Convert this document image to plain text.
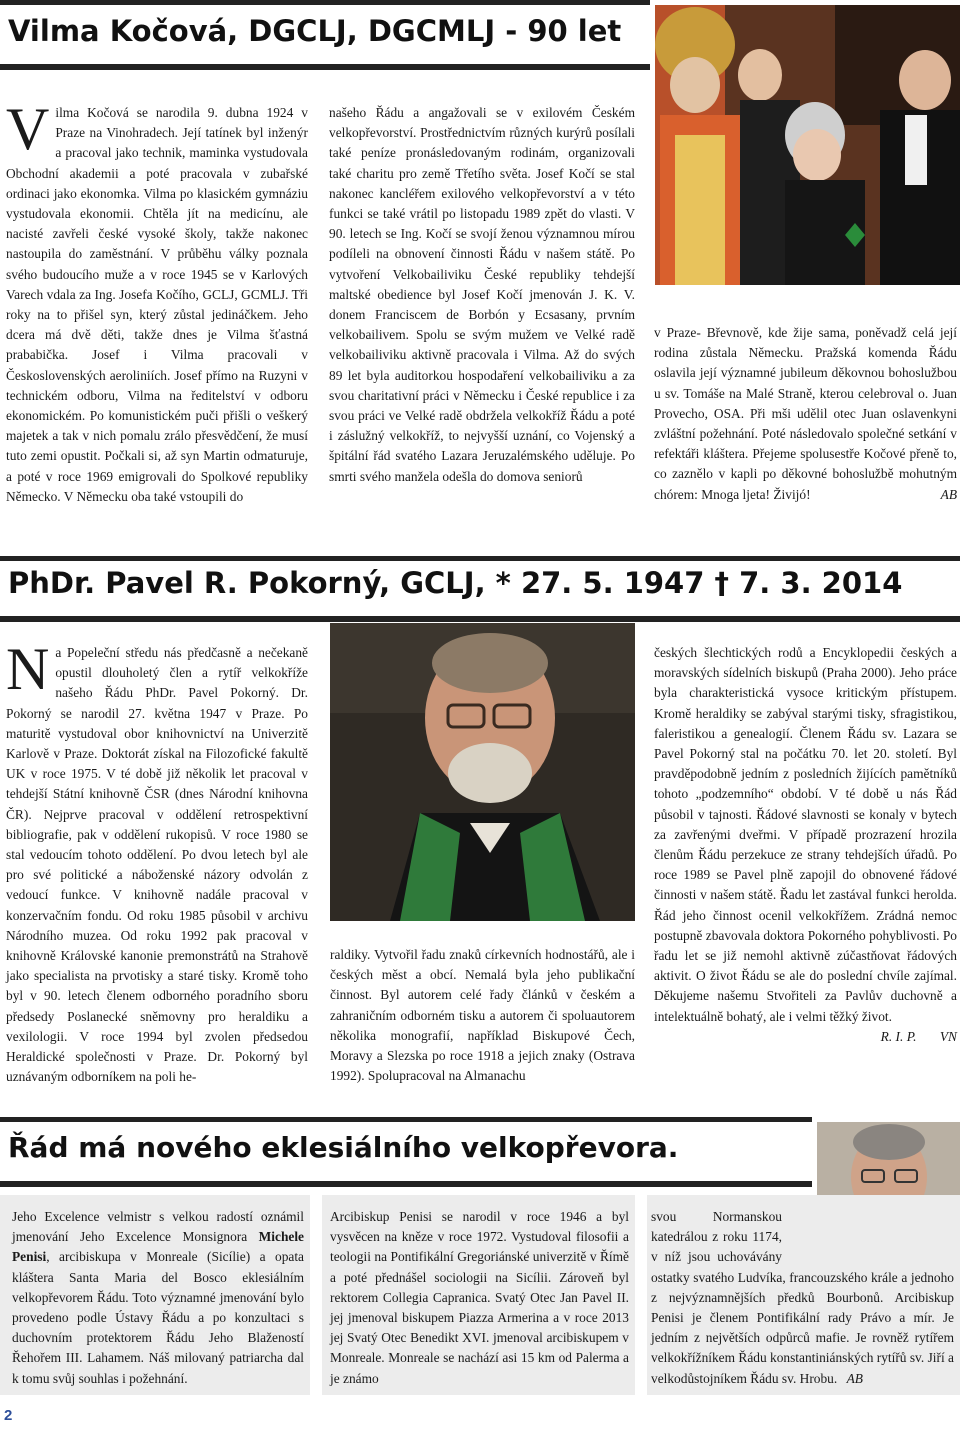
Vilma Kočová, DGCLJ, DGCMLJ - 90 let
Vilma Kočová se narodila 9. dubna 1924 v Praze na Vinohradech. Její tatínek byl inženýr a pracoval jako technik, maminka vystudovala Obchodní akademii a poté pracovala v zubařské ordinaci jako ekonomka. Vilma po klasickém gymnáziu vystudovala ekonomii. Chtěla jít na medicínu, ale nacisté zavřeli české vysoké školy, takže nakonec nastoupila do zaměstnání. V průběhu války poznala svého budoucího muže a v roce 1945 se v Karlových Varech vdala za Ing. Josefa Kočího, GCLJ, GCMLJ. Tři roky na to přišel syn, který zůstal jedináčkem. Jeho dcera má dvě děti, takže dnes je Vilma šťastná prababička. Josef i Vilma pracovali v Československých aeroliniích. Josef přímo na Ruzyni v technickém odboru, Vilma na ředitelství v odboru ekonomickém. Po komunistickém puči přišli o veškerý majetek a tak v nich pomalu zrálo přesvědčení, že musí tuto zemi opustit. Počkali si, až syn Martin odmaturuje, a poté v roce 1969 emigrovali do Spolkové republiky Německo. V Německu oba také vstoupili do
našeho Řádu a angažovali se v exilovém Českém velkopřevorství. Prostřednictvím různých kurýrů posílali také peníze pronásledovaným rodinám, organizovali také charitu pro země Třetího světa. Josef Kočí se stal nakonec kancléřem exilového velkopřevorství a v této funkci se také vrátil po listopadu 1989 zpět do vlasti. V 90. letech se Ing. Kočí se svojí ženou významnou mírou podíleli na obnovení činnosti Řádu v našem státě. Po vytvoření Velkobailiviku České republiky tehdejší maltské obedience byl Josef Kočí jmenován J. K. V. donem Franciscem de Borbón y Ecsasany, prvním velkobailivem. Spolu se svým mužem ve Velké radě velkobailiviku aktivně pracovala i Vilma. Až do svých 89 let byla auditorkou hospodaření velkobailiviku a za svou charitativní práci v Německu i České republice i za svou práci ve Velké radě obdržela velkokříž Řádu a poté i záslužný velkokříž, to nejvyšší uznání, co Vojenský a špitální řád svatého Lazara Jeruzalémského uděluje. Po smrti svého manžela odešla do domova seniorů
v Praze- Břevnově, kde žije sama, poněvadž celá její rodina zůstala Německu. Pražská komenda Řádu oslavila její významné jubileum děkovnou bohoslužbou u sv. Tomáše na Malé Straně, kterou celebroval o. Juan Provecho, OSA. Při mši udělil otec Juan oslavenkyni zvláštní požehnání. Poté následovalo společné setkání v refektáři kláštera. Přejeme spolusestře Kočové přeně to, co zaznělo v kapli po děkovné bohoslužbě mohutným chórem: Mnoga ljeta! Živijó!	AB
PhDr. Pavel R. Pokorný, GCLJ, * 27. 5. 1947 † 7. 3. 2014
Na Popeleční středu nás předčasně a nečekaně opustil dlouholetý člen a rytíř velkokříže našeho Řádu PhDr. Pavel Pokorný. Dr. Pokorný se narodil 27. května 1947 v Praze. Po maturitě vystudoval obor knihovnictví na Univerzitě Karlově v Praze. Doktorát získal na Filozofické fakultě UK v roce 1975. V té době již několik let pracoval v tehdejší Státní knihovně ČSR (dnes Národní knihovna ČR). Nejprve pracoval v oddělení retrospektivní bibliografie, pak v oddělení rukopisů. V roce 1980 se stal vedoucím tohoto oddělení. Po dvou letech byl ale pro své politické a náboženské názory odvolán z vedoucí funkce. V knihovně nadále pracoval v konzervačním fondu. Od roku 1985 působil v archivu Národního muzea. Od roku 1992 pak pracoval v knihovně Královské kanonie premonstrátů na Strahově jako specialista na prvotisky a staré tisky. Kromě toho byl v 90. letech členem odborného poradního sboru předsedy Poslanecké sněmovny pro heraldiku a vexilologii. V roce 1994 byl zvolen předsedou Heraldické společnosti v Praze. Dr. Pokorný byl uznávaným odborníkem na poli he-
raldiky. Vytvořil řadu znaků církevních hodnostářů, ale i českých měst a obcí. Nemalá byla jeho publikační činnost. Byl autorem celé řady článků v českém a zahraničním odborném tisku a autorem či spoluautorem několika monografií, například Biskupové Čech, Moravy a Slezska po roce 1918 a jejich znaky (Ostrava 1992). Spolupracoval na Almanachu
českých šlechtických rodů a Encyklopedii českých a moravských sídelních biskupů (Praha 2000). Jeho práce byla charakteristická vysoce kritickým přístupem. Kromě heraldiky se zabýval starými tisky, sfragistikou, faleristikou a genealogií. Členem Řádu sv. Lazara se Pavel Pokorný stal na počátku 70. let 20. století. Byl pravděpodobně jedním z posledních žijících pamětníků tohoto „podzemního“ období. V té době u nás Řád působil v tajnosti. Řádové slavnosti se konaly v bytech za zavřenými dveřmi. V případě prozrazení hrozila členům Řádu perzekuce ze strany tehdejších úřadů. Po roce 1989 se Pavel plně zapojil do obnovené řádové činnosti v našem státě. Řadu let zastával funkci herolda. Řád jeho činnost ocenil velkokřížem. Zrádná nemoc postupně zbavovala doktora Pokorného pohyblivosti. Po řadu let se již nemohl aktivně zúčastňovat řádových aktivit. O život Řádu se ale do poslední chvíle zajímal. Děkujeme našemu Stvořiteli za Pavlův duchovně a intelektuálně bohatý, ale i velmi těžký život.
R. I. P. VN
Řád má nového eklesiálního velkopřevora.
Jeho Excelence velmistr s velkou radostí oznámil jmenování Jeho Excelence Monsignora Michele Penisi, arcibiskupa v Monreale (Sicílie) a opata kláštera Santa Maria del Bosco eklesiálním velkopřevorem Řádu. Toto významné jmenování bylo provedeno podle Ústavy Řádu a po konzultaci s duchovním protektorem Řádu Jeho Blažeností Řehořem III. Lahamem. Náš milovaný patriarcha dal k tomu svůj souhlas i požehnání.
Arcibiskup Penisi se narodil v roce 1946 a byl vysvěcen na kněze v roce 1972. Vystudoval filosofii a teologii na Pontifikální Gregoriánské univerzitě v Římě a poté přednášel sociologii na Sicílii. Zároveň byl rektorem Collegia Capranica. Svatý Otec Jan Pavel II. jej jmenoval biskupem Piazza Armerina a v roce 2013 jej Svatý Otec Benedikt XVI. jmenoval arcibiskupem v Monreale. Monreale se nachází asi 15 km od Palerma a je známo
svou Normanskou katedrálou z roku 1174, v níž jsou uchovávány ostatky svatého Ludvíka, francouzského krále a jednoho z nejvýznamnějších předků Bourbonů. Arcibiskup Penisi je členem Pontifikální rady Právo a mír. Je jedním z největších odpůrců mafie. Je rovněž rytířem velkokřížníkem Řádu konstantiniánských rytířů sv. Jiří a velkodůstojníkem Řádu sv. Hrobu. AB
2
